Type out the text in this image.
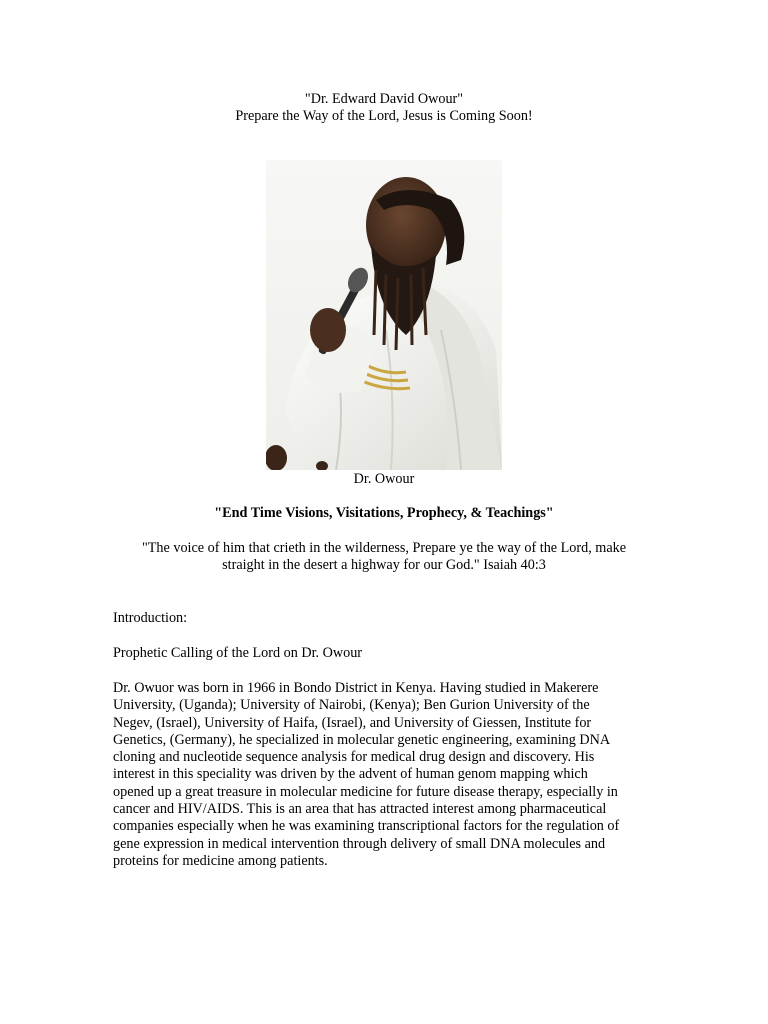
"Dr. Edward David Owour"
Prepare the Way of the Lord, Jesus is Coming Soon!
Dr. Owour
"End Time Visions, Visitations, Prophecy, & Teachings"
"The voice of him that crieth in the wilderness, Prepare ye the way of the Lord, make
straight in the desert a highway for our God." Isaiah 40:3
Introduction:
Prophetic Calling of the Lord on Dr. Owour
Dr. Owuor was born in 1966 in Bondo District in Kenya. Having studied in Makerere
University, (Uganda); University of Nairobi, (Kenya); Ben Gurion University of the
Negev, (Israel), University of Haifa, (Israel), and University of Giessen, Institute for
Genetics, (Germany), he specialized in molecular genetic engineering, examining DNA
cloning and nucleotide sequence analysis for medical drug design and discovery. His
interest in this speciality was driven by the advent of human genom mapping which
opened up a great treasure in molecular medicine for future disease therapy, especially in
cancer and HIV/AIDS. This is an area that has attracted interest among pharmaceutical
companies especially when he was examining transcriptional factors for the regulation of
gene expression in medical intervention through delivery of small DNA molecules and
proteins for medicine among patients.
